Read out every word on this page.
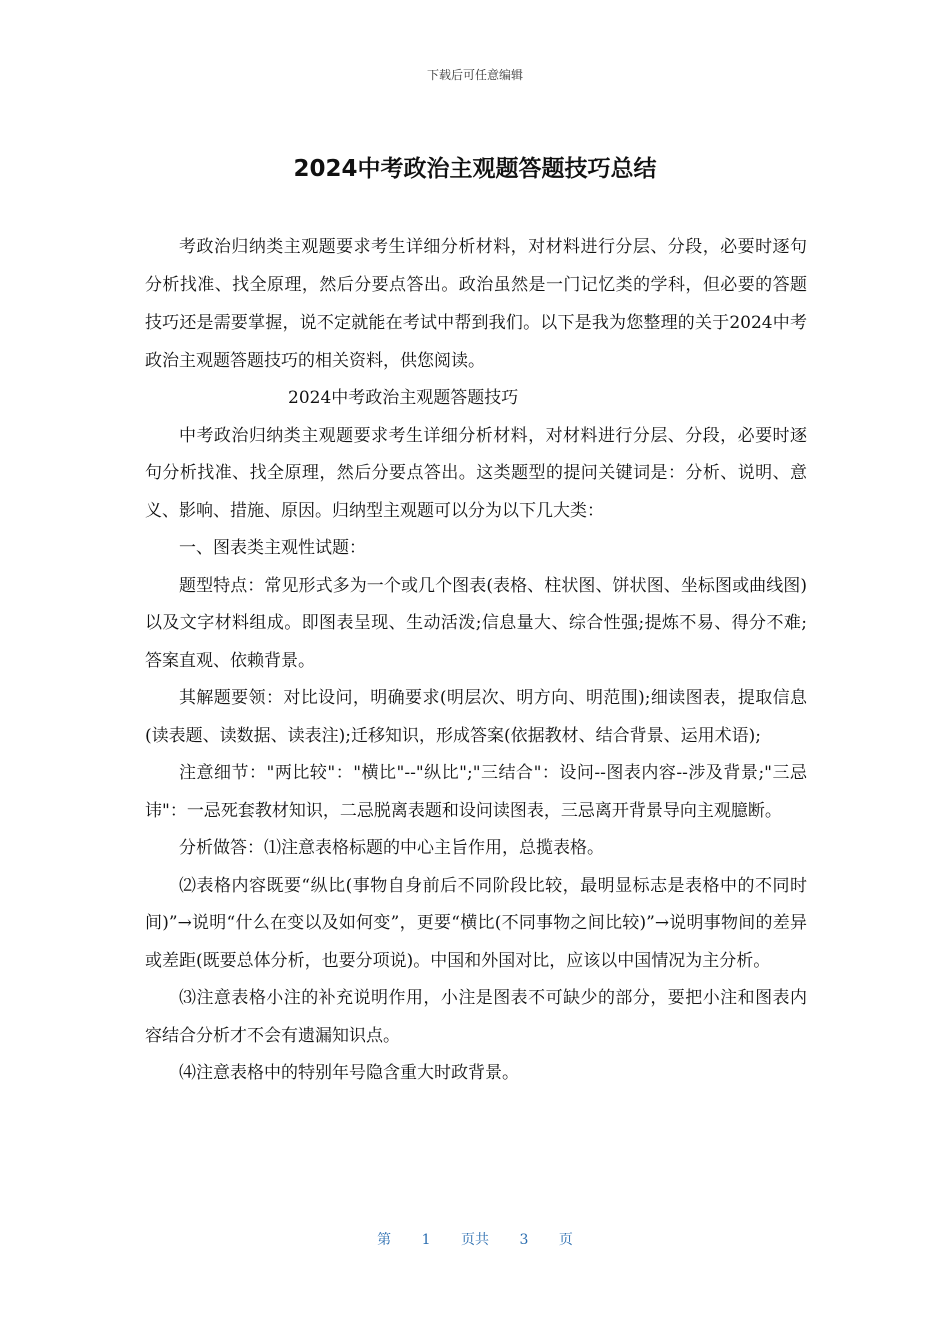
下载后可任意编辑
2024中考政治主观题答题技巧总结

考政治归纳类主观题要求考生详细分析材料，对材料进行分层、分段，必要时逐句分析找准、找全原理，然后分要点答出。政治虽然是一门记忆类的学科，但必要的答题技巧还是需要掌握，说不定就能在考试中帮到我们。以下是我为您整理的关于2024中考政治主观题答题技巧的相关资料，供您阅读。

2024中考政治主观题答题技巧

中考政治归纳类主观题要求考生详细分析材料，对材料进行分层、分段，必要时逐句分析找准、找全原理，然后分要点答出。这类题型的提问关键词是：分析、说明、意义、影响、措施、原因。归纳型主观题可以分为以下几大类：

一、图表类主观性试题：

题型特点：常见形式多为一个或几个图表(表格、柱状图、饼状图、坐标图或曲线图)以及文字材料组成。即图表呈现、生动活泼;信息量大、综合性强;提炼不易、得分不难;答案直观、依赖背景。

其解题要领：对比设问，明确要求(明层次、明方向、明范围);细读图表，提取信息(读表题、读数据、读表注);迁移知识，形成答案(依据教材、结合背景、运用术语);

注意细节："两比较"："横比"--"纵比";"三结合"：设问--图表内容--涉及背景;"三忌讳"：一忌死套教材知识，二忌脱离表题和设问读图表，三忌离开背景导向主观臆断。

分析做答：⑴注意表格标题的中心主旨作用，总揽表格。

⑵表格内容既要“纵比(事物自身前后不同阶段比较，最明显标志是表格中的不同时间)”→说明“什么在变以及如何变”，更要“横比(不同事物之间比较)”→说明事物间的差异或差距(既要总体分析，也要分项说)。中国和外国对比，应该以中国情况为主分析。

⑶注意表格小注的补充说明作用，小注是图表不可缺少的部分，要把小注和图表内容结合分析才不会有遗漏知识点。

⑷注意表格中的特别年号隐含重大时政背景。

第 1 页共 3 页
